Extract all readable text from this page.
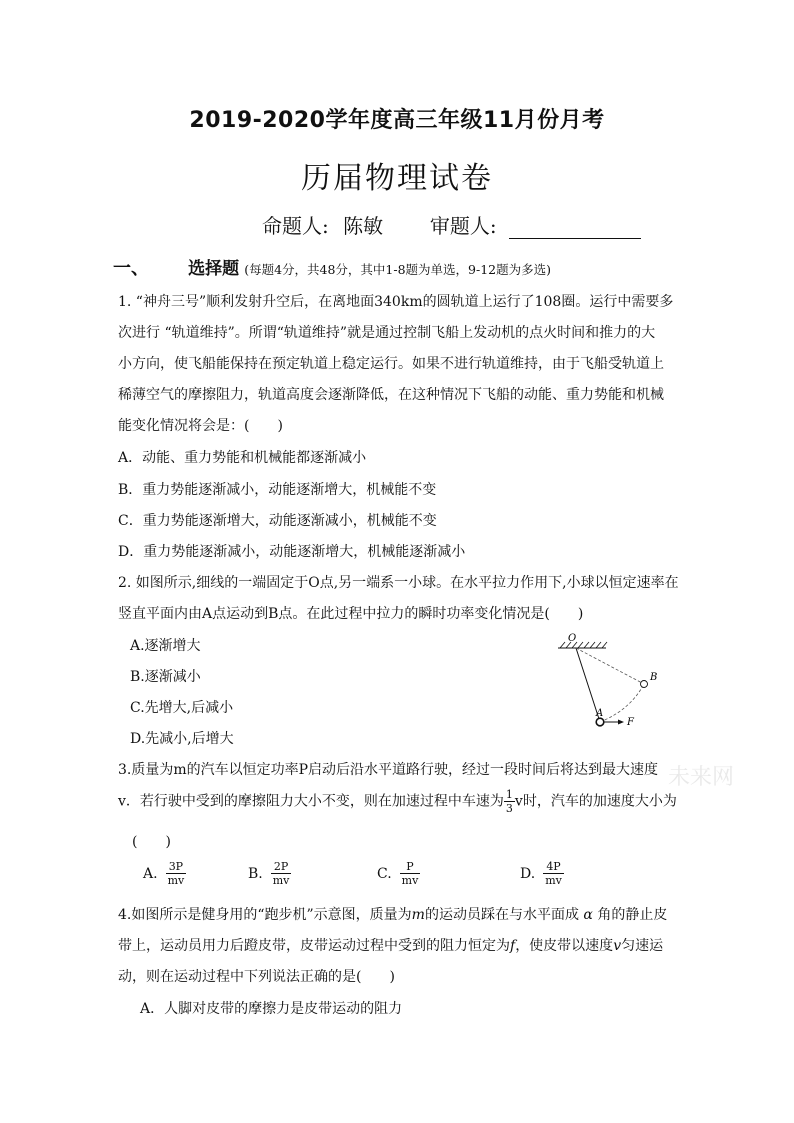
2019-2020学年度高三年级11月份月考
历届物理试卷
命题人: 陈敏 审题人:
一、 选择题 (每题4分，共48分，其中1-8题为单选，9-12题为多选)
1. “神舟三号”顺利发射升空后，在离地面340km的圆轨道上运行了108圈。运行中需要多
次进行 “轨道维持”。所谓“轨道维持”就是通过控制飞船上发动机的点火时间和推力的大
小方向，使飞船能保持在预定轨道上稳定运行。如果不进行轨道维持，由于飞船受轨道上
稀薄空气的摩擦阻力，轨道高度会逐渐降低，在这种情况下飞船的动能、重力势能和机械
能变化情况将会是：(　　)
A．动能、重力势能和机械能都逐渐减小
B．重力势能逐渐减小，动能逐渐增大，机械能不变
C．重力势能逐渐增大，动能逐渐减小，机械能不变
D．重力势能逐渐减小，动能逐渐增大，机械能逐渐减小
2. 如图所示,细线的一端固定于O点,另一端系一小球。在水平拉力作用下,小球以恒定速率在
竖直平面内由A点运动到B点。在此过程中拉力的瞬时功率变化情况是(　　)
A.逐渐增大
B.逐渐减小
C.先增大,后减小
D.先减小,后增大
O
B
A
F
3.质量为m的汽车以恒定功率P启动后沿水平道路行驶，经过一段时间后将达到最大速度
v．若行驶中受到的摩擦阻力大小不变，则在加速过程中车速为 $\frac{1}{3}$ v时，汽车的加速度大小为
(　　)
A. $\frac{3P}{mv}$	B. $\frac{2P}{mv}$	C. $\frac{P}{mv}$	D. $\frac{4P}{mv}$
4.如图所示是健身用的“跑步机”示意图，质量为m的运动员踩在与水平面成 α 角的静止皮
带上，运动员用力后蹬皮带，皮带运动过程中受到的阻力恒定为f，使皮带以速度v匀速运
动，则在运动过程中下列说法正确的是(　　)
A．人脚对皮带的摩擦力是皮带运动的阻力
未来网
